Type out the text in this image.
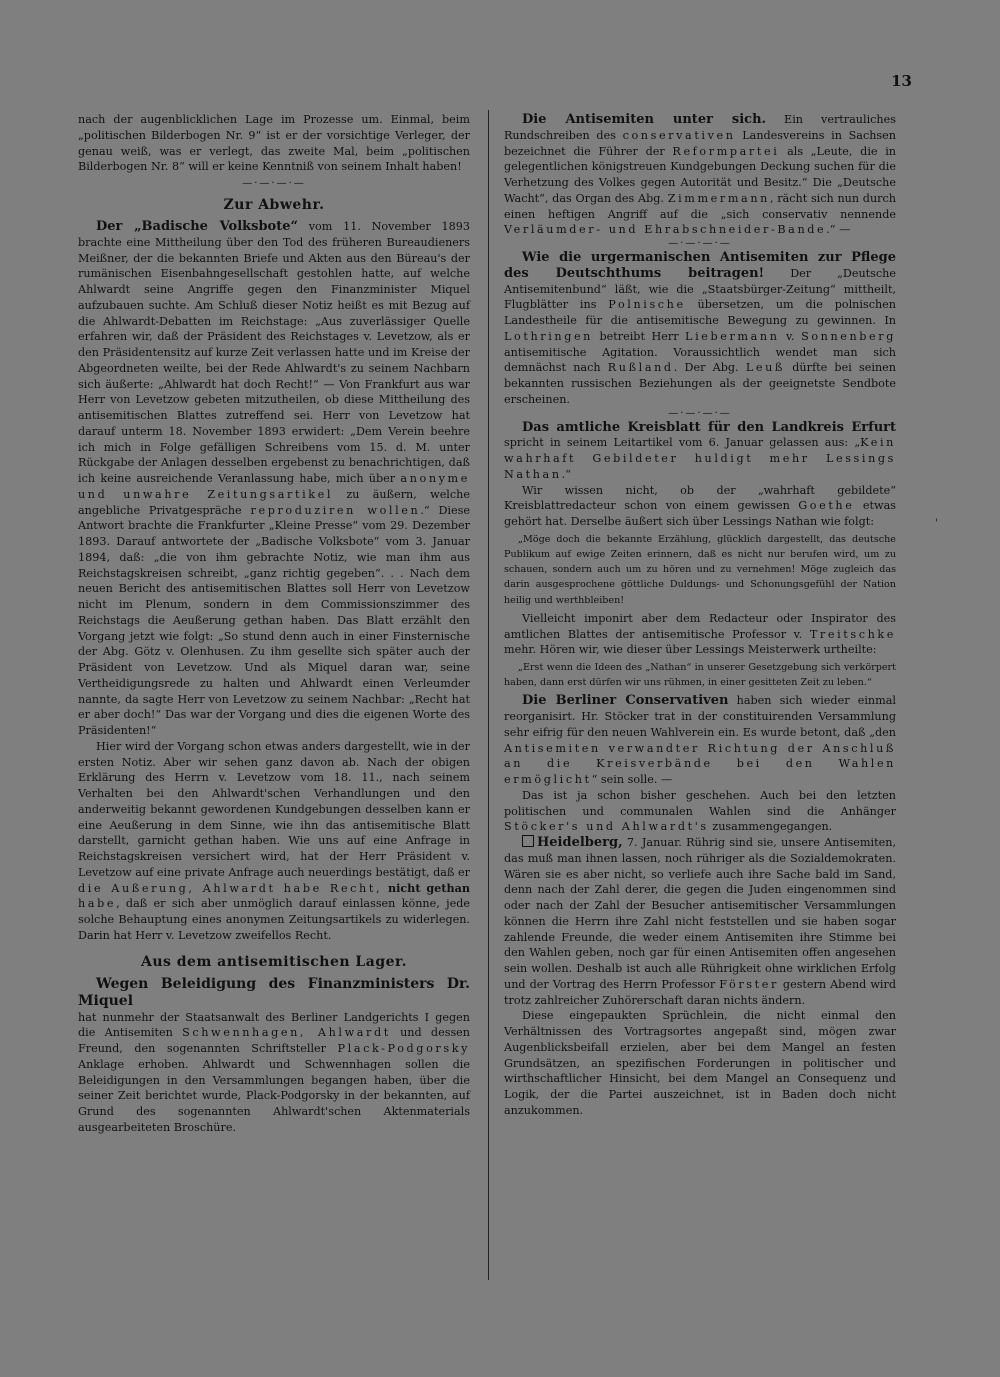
13
'

nach der augenblicklichen Lage im Prozesse um. Einmal, beim „politischen Bilderbogen Nr. 9“ ist er der vorsichtige Verleger, der genau weiß, was er verlegt, das zweite Mal, beim „politischen Bilderbogen Nr. 8“ will er keine Kenntniß von seinem Inhalt haben!

—·—·—·—
Zur Abwehr.

Der „Badische Volksbote“ vom 11. November 1893 brachte eine Mittheilung über den Tod des früheren Bureaudieners Meißner, der die bekannten Briefe und Akten aus den Büreau's der rumänischen Eisenbahngesellschaft gestohlen hatte, auf welche Ahlwardt seine Angriffe gegen den Finanzminister Miquel aufzubauen suchte. Am Schluß dieser Notiz heißt es mit Bezug auf die Ahlwardt-Debatten im Reichstage: „Aus zuverlässiger Quelle erfahren wir, daß der Präsident des Reichstages v. Levetzow, als er den Präsidentensitz auf kurze Zeit verlassen hatte und im Kreise der Abgeordneten weilte, bei der Rede Ahlwardt's zu seinem Nachbarn sich äußerte: „Ahlwardt hat doch Recht!“ — Von Frankfurt aus war Herr von Levetzow gebeten mitzutheilen, ob diese Mittheilung des antisemitischen Blattes zutreffend sei. Herr von Levetzow hat darauf unterm 18. November 1893 erwidert: „Dem Verein beehre ich mich in Folge gefälligen Schreibens vom 15. d. M. unter Rückgabe der Anlagen desselben ergebenst zu benachrichtigen, daß ich keine ausreichende Veranlassung habe, mich über anonyme und unwahre Zeitungsartikel zu äußern, welche angebliche Privatgespräche reproduziren wollen.“ Diese Antwort brachte die Frankfurter „Kleine Presse“ vom 29. Dezember 1893. Darauf antwortete der „Badische Volksbote“ vom 3. Januar 1894, daß: „die von ihm gebrachte Notiz, wie man ihm aus Reichstagskreisen schreibt, „ganz richtig gegeben“. . . Nach dem neuen Bericht des antisemitischen Blattes soll Herr von Levetzow nicht im Plenum, sondern in dem Commissionszimmer des Reichstags die Aeußerung gethan haben. Das Blatt erzählt den Vorgang jetzt wie folgt: „So stund denn auch in einer Finsternische der Abg. Götz v. Olenhusen. Zu ihm gesellte sich später auch der Präsident von Levetzow. Und als Miquel daran war, seine Vertheidigungsrede zu halten und Ahlwardt einen Verleumder nannte, da sagte Herr von Levetzow zu seinem Nachbar: „Recht hat er aber doch!“ Das war der Vorgang und dies die eigenen Worte des Präsidenten!“

Hier wird der Vorgang schon etwas anders dargestellt, wie in der ersten Notiz. Aber wir sehen ganz davon ab. Nach der obigen Erklärung des Herrn v. Levetzow vom 18. 11., nach seinem Verhalten bei den Ahlwardt'schen Verhandlungen und den anderweitig bekannt gewordenen Kundgebungen desselben kann er eine Aeußerung in dem Sinne, wie ihn das antisemitische Blatt darstellt, garnicht gethan haben. Wie uns auf eine Anfrage in Reichstagskreisen versichert wird, hat der Herr Präsident v. Levetzow auf eine private Anfrage auch neuerdings bestätigt, daß er die Außerung, Ahlwardt habe Recht, nicht gethan habe, daß er sich aber unmöglich darauf einlassen könne, jede solche Behauptung eines anonymen Zeitungsartikels zu widerlegen. Darin hat Herr v. Levetzow zweifellos Recht.

Aus dem antisemitischen Lager.
Wegen Beleidigung des Finanzministers Dr. Miquel

hat nunmehr der Staatsanwalt des Berliner Landgerichts I gegen die Antisemiten Schwennhagen, Ahlwardt und dessen Freund, den sogenannten Schriftsteller Plack-Podgorsky Anklage erhoben. Ahlwardt und Schwennhagen sollen die Beleidigungen in den Versammlungen begangen haben, über die seiner Zeit berichtet wurde, Plack-Podgorsky in der bekannten, auf Grund des sogenannten Ahlwardt'schen Aktenmaterials ausgearbeiteten Broschüre.

Die Antisemiten unter sich. Ein vertrauliches Rundschreiben des conservativen Landesvereins in Sachsen bezeichnet die Führer der Reformpartei als „Leute, die in gelegentlichen königstreuen Kundgebungen Deckung suchen für die Verhetzung des Volkes gegen Autorität und Besitz.“ Die „Deutsche Wacht“, das Organ des Abg. Zimmermann, rächt sich nun durch einen heftigen Angriff auf die „sich conservativ nennende Verläumder- und Ehrabschneider-Bande.“ —

—·—·—·—

Wie die urgermanischen Antisemiten zur Pflege des Deutschthums beitragen! Der „Deutsche Antisemitenbund“ läßt, wie die „Staatsbürger-Zeitung“ mittheilt, Flugblätter ins Polnische übersetzen, um die polnischen Landestheile für die antisemitische Bewegung zu gewinnen. In Lothringen betreibt Herr Liebermann v. Sonnenberg antisemitische Agitation. Voraussichtlich wendet man sich demnächst nach Rußland. Der Abg. Leuß dürfte bei seinen bekannten russischen Beziehungen als der geeignetste Sendbote erscheinen.

—·—·—·—

Das amtliche Kreisblatt für den Landkreis Erfurt spricht in seinem Leitartikel vom 6. Januar gelassen aus: „Kein wahrhaft Gebildeter huldigt mehr Lessings Nathan.“

Wir wissen nicht, ob der „wahrhaft gebildete“ Kreisblattredacteur schon von einem gewissen Goethe etwas gehört hat. Derselbe äußert sich über Lessings Nathan wie folgt:

„Möge doch die bekannte Erzählung, glücklich dargestellt, das deutsche Publikum auf ewige Zeiten erinnern, daß es nicht nur berufen wird, um zu schauen, sondern auch um zu hören und zu vernehmen! Möge zugleich das darin ausgesprochene göttliche Duldungs- und Schonungsgefühl der Nation heilig und werthbleiben!

Vielleicht imponirt aber dem Redacteur oder Inspirator des amtlichen Blattes der antisemitische Professor v. Treitschke mehr. Hören wir, wie dieser über Lessings Meisterwerk urtheilte:

„Erst wenn die Ideen des „Nathan“ in unserer Gesetzgebung sich verkörpert haben, dann erst dürfen wir uns rühmen, in einer gesitteten Zeit zu leben.“

Die Berliner Conservativen haben sich wieder einmal reorganisirt. Hr. Stöcker trat in der constituirenden Versammlung sehr eifrig für den neuen Wahlverein ein. Es wurde betont, daß „den Antisemiten verwandter Richtung der Anschluß an die Kreisverbände bei den Wahlen ermöglicht“ sein solle. —

Das ist ja schon bisher geschehen. Auch bei den letzten politischen und communalen Wahlen sind die Anhänger Stöcker's und Ahlwardt's zusammengegangen.

Heidelberg, 7. Januar. Rührig sind sie, unsere Antisemiten, das muß man ihnen lassen, noch rühriger als die Sozialdemokraten. Wären sie es aber nicht, so verliefe auch ihre Sache bald im Sand, denn nach der Zahl derer, die gegen die Juden eingenommen sind oder nach der Zahl der Besucher antisemitischer Versammlungen können die Herrn ihre Zahl nicht feststellen und sie haben sogar zahlende Freunde, die weder einem Antisemiten ihre Stimme bei den Wahlen geben, noch gar für einen Antisemiten offen angesehen sein wollen. Deshalb ist auch alle Rührigkeit ohne wirklichen Erfolg und der Vortrag des Herrn Professor Förster gestern Abend wird trotz zahlreicher Zuhörerschaft daran nichts ändern.

Diese eingepaukten Sprüchlein, die nicht einmal den Verhältnissen des Vortragsortes angepaßt sind, mögen zwar Augenblicksbeifall erzielen, aber bei dem Mangel an festen Grundsätzen, an spezifischen Forderungen in politischer und wirthschaftlicher Hinsicht, bei dem Mangel an Consequenz und Logik, der die Partei auszeichnet, ist in Baden doch nicht anzukommen.
